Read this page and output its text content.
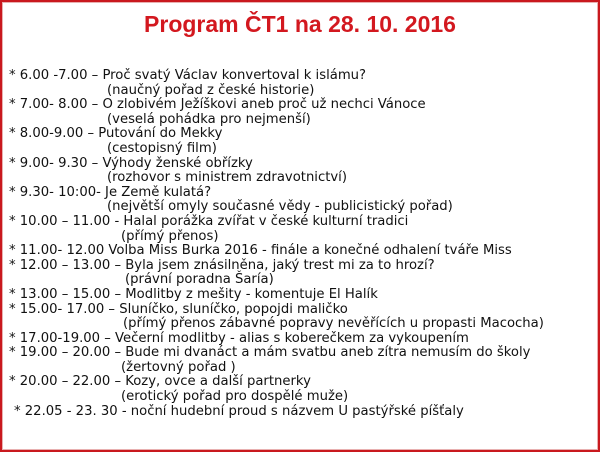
Program ČT1 na 28. 10. 2016
* 6.00 -7.00 – Proč svatý Václav konvertoval k islámu?
(naučný pořad z české historie)
* 7.00- 8.00 – O zlobivém Ježíškovi aneb proč už nechci Vánoce
(veselá pohádka pro nejmenší)
* 8.00-9.00 – Putování do Mekky
(cestopisný film)
* 9.00- 9.30 – Výhody ženské obřízky
(rozhovor s ministrem zdravotnictví)
* 9.30- 10:00- Je Země kulatá?
(největší omyly současné vědy - publicistický pořad)
* 10.00 – 11.00 - Halal porážka zvířat v české kulturní tradici
(přímý přenos)
* 11.00- 12.00 Volba Miss Burka 2016 - finále a konečné odhalení tváře Miss
* 12.00 – 13.00 – Byla jsem znásilněna, jaký trest mi za to hrozí?
(právní poradna Šaría)
* 13.00 – 15.00 – Modlitby z mešity - komentuje El Halík
* 15.00- 17.00 – Sluníčko, sluníčko, popojdi maličko
(přímý přenos zábavné popravy nevěřících u propasti Macocha)
* 17.00-19.00 – Večerní modlitby - alias s koberečkem za vykoupením
* 19.00 – 20.00 – Bude mi dvanáct a mám svatbu aneb zítra nemusím do školy
(žertovný pořad )
* 20.00 – 22.00 – Kozy, ovce a další partnerky
(erotický pořad pro dospělé muže)
* 22.05 - 23. 30 - noční hudební proud s názvem U pastýřské píšťaly
